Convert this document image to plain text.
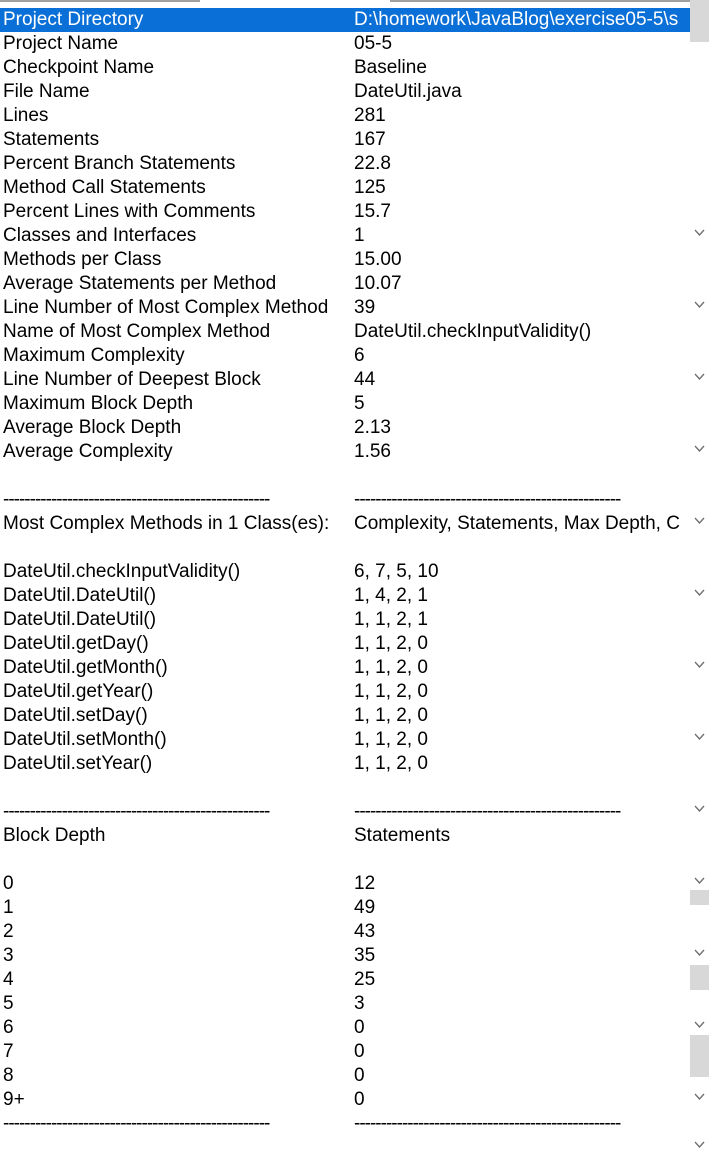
Project Directory	D:\homework\JavaBlog\exercise05-5\s
Project Name	05-5
Checkpoint Name	Baseline
File Name	DateUtil.java
Lines	281
Statements	167
Percent Branch Statements	22.8
Method Call Statements	125
Percent Lines with Comments	15.7
Classes and Interfaces	1
Methods per Class	15.00
Average Statements per Method	10.07
Line Number of Most Complex Method 39
Name of Most Complex Method	DateUtil.checkInputValidity()
Maximum Complexity	6
Line Number of Deepest Block	44
Maximum Block Depth	5
Average Block Depth	2.13
Average Complexity	1.56
--------------------------------------------------	--------------------------------------------------
Most Complex Methods in 1 Class(es): Complexity, Statements, Max Depth, C
DateUtil.checkInputValidity()	6, 7, 5, 10
DateUtil.DateUtil()	1, 4, 2, 1
DateUtil.DateUtil()	1, 1, 2, 1
DateUtil.getDay()	1, 1, 2, 0
DateUtil.getMonth()	1, 1, 2, 0
DateUtil.getYear()	1, 1, 2, 0
DateUtil.setDay()	1, 1, 2, 0
DateUtil.setMonth()	1, 1, 2, 0
DateUtil.setYear()	1, 1, 2, 0
--------------------------------------------------	--------------------------------------------------
Block Depth	Statements
0	12
1	49
2	43
3	35
4	25
5	3
6	0
7	0
8	0
9+	0
--------------------------------------------------	--------------------------------------------------
